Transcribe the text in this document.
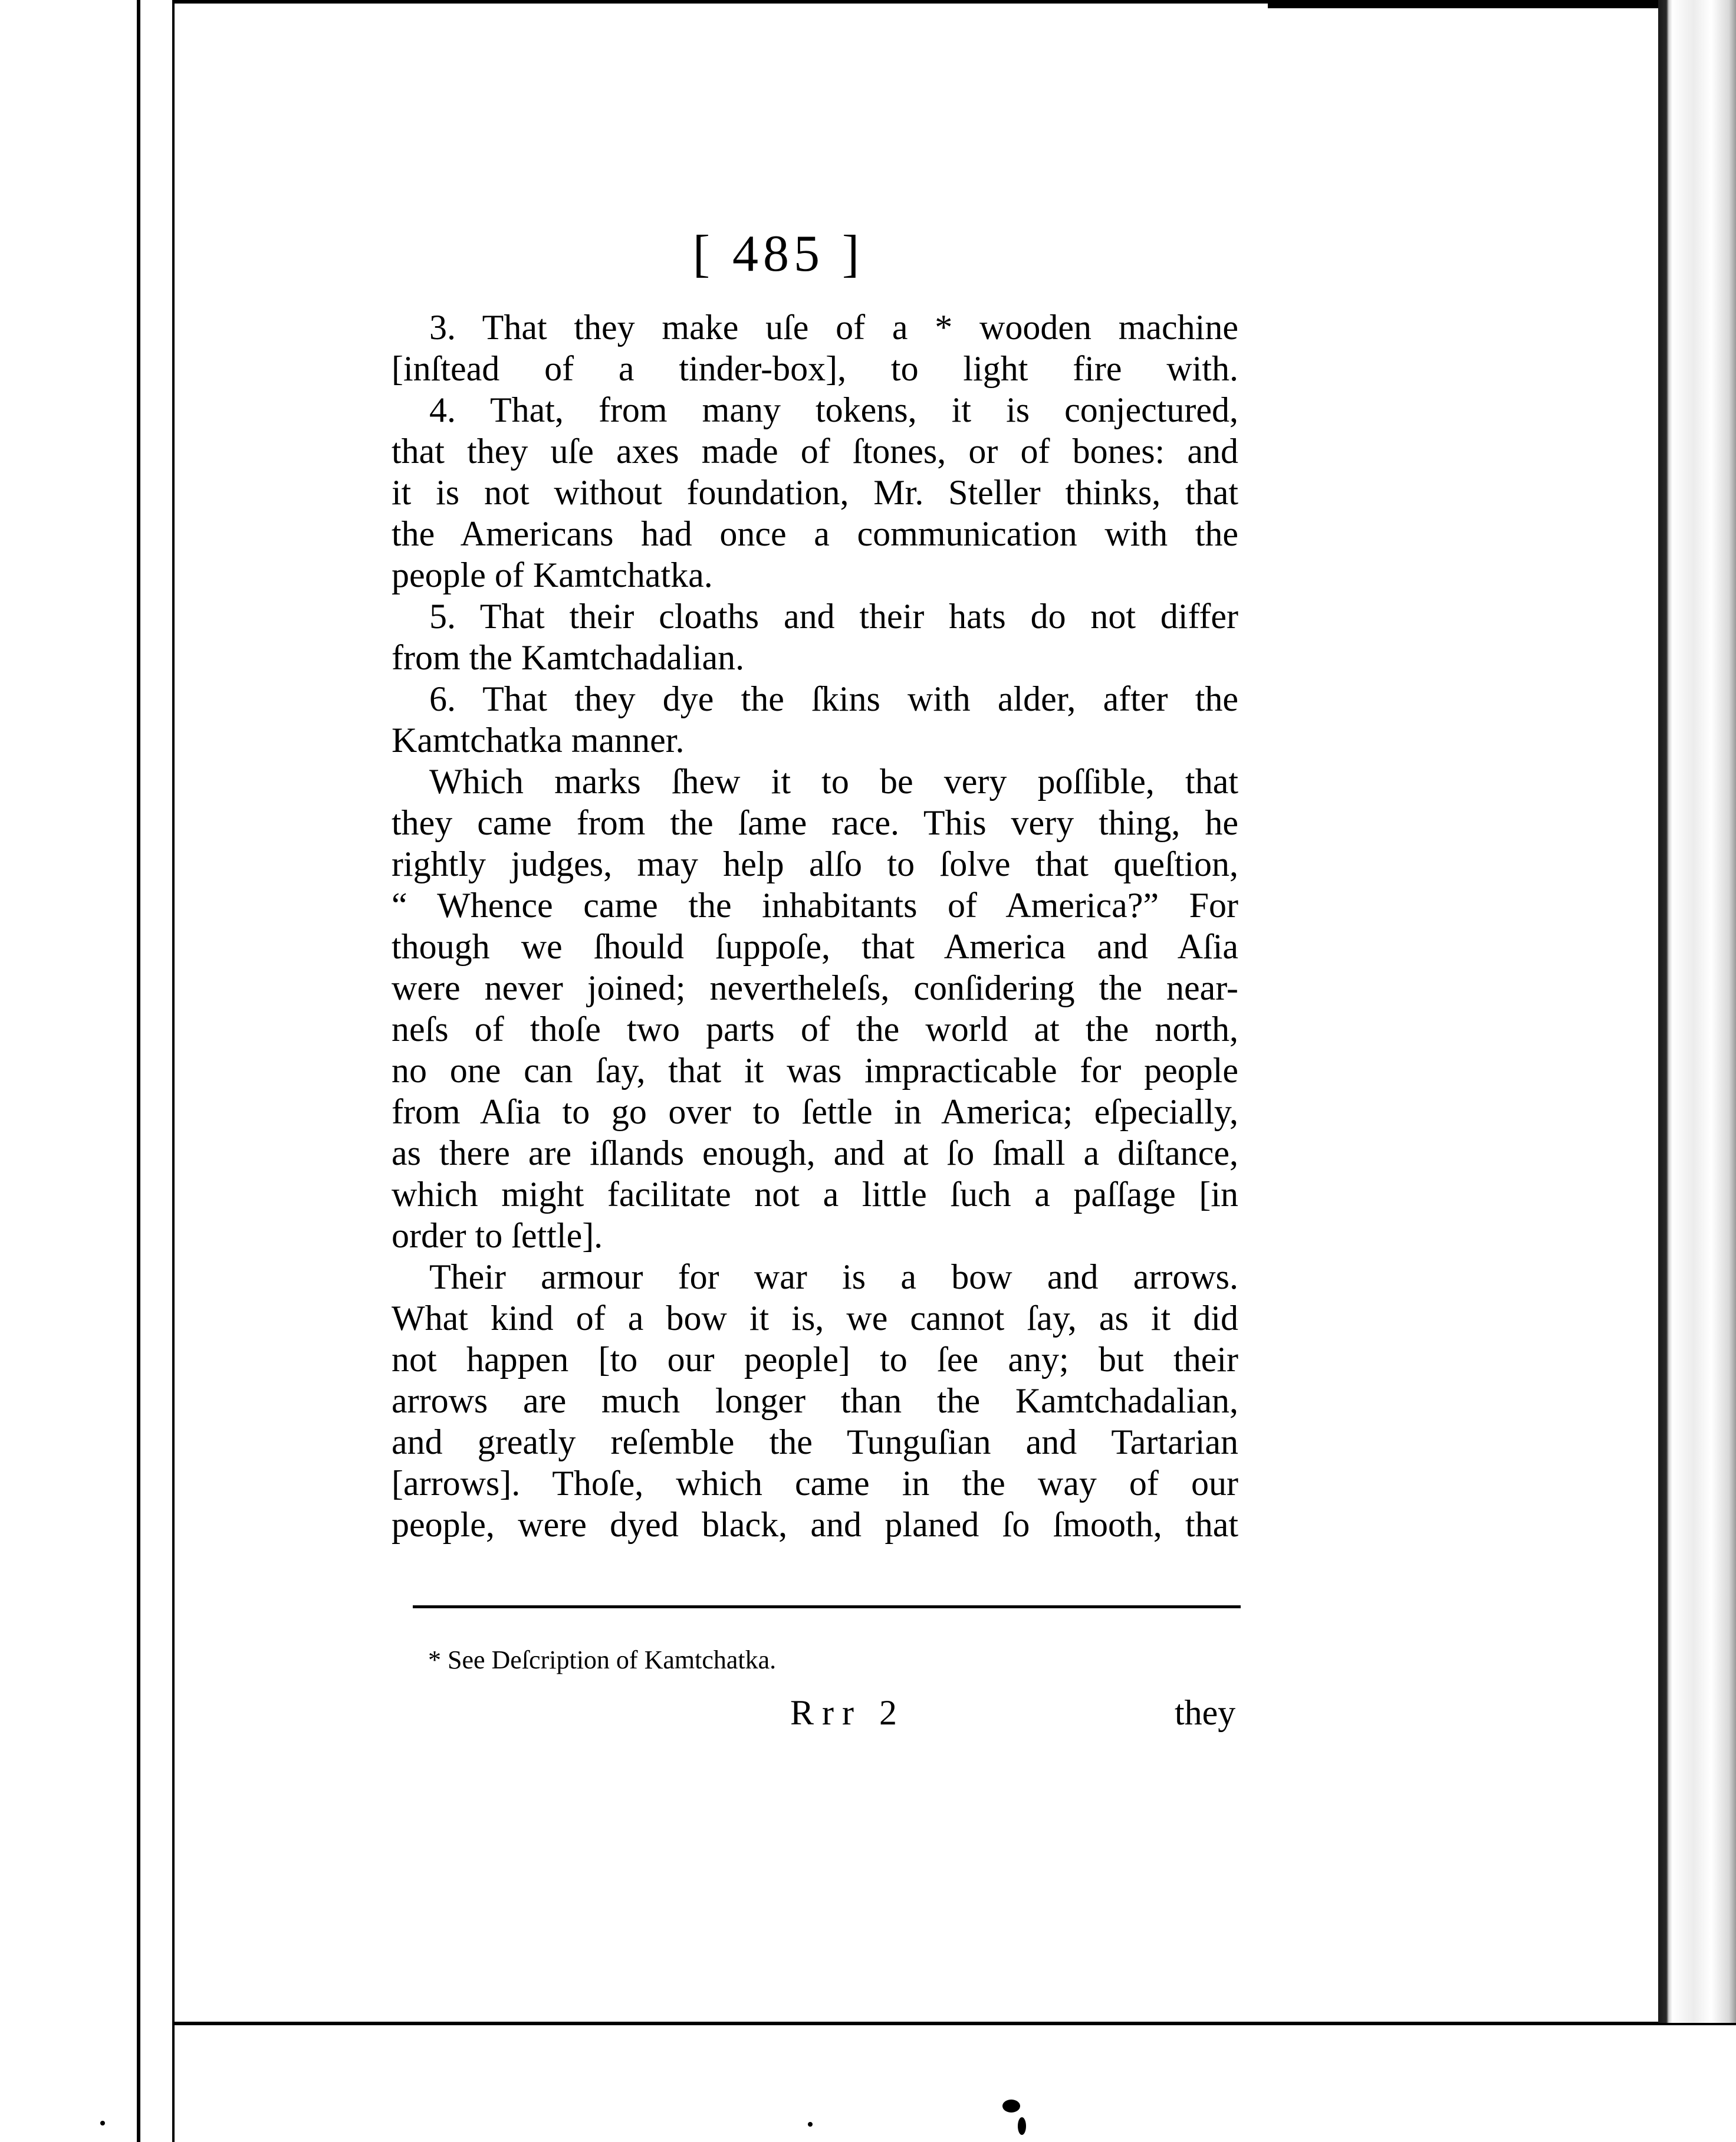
[ 485 ]
3. That they make uſe of a * wooden machine
[inſtead of a tinder-box], to light fire with.
4. That, from many tokens, it is conjectured,
that they uſe axes made of ſtones, or of bones: and
it is not without foundation, Mr. Steller thinks, that
the Americans had once a communication with the
people of Kamtchatka.
5. That their cloaths and their hats do not differ
from the Kamtchadalian.
6. That they dye the ſkins with alder, after the
Kamtchatka manner.
Which marks ſhew it to be very poſſible, that
they came from the ſame race. This very thing, he
rightly judges, may help alſo to ſolve that queſtion,
“ Whence came the inhabitants of America?” For
though we ſhould ſuppoſe, that America and Aſia
were never joined; nevertheleſs, conſidering the near-
neſs of thoſe two parts of the world at the north,
no one can ſay, that it was impracticable for people
from Aſia to go over to ſettle in America; eſpecially,
as there are iſlands enough, and at ſo ſmall a diſtance,
which might facilitate not a little ſuch a paſſage [in
order to ſettle].
Their armour for war is a bow and arrows.
What kind of a bow it is, we cannot ſay, as it did
not happen [to our people] to ſee any; but their
arrows are much longer than the Kamtchadalian,
and greatly reſemble the Tunguſian and Tartarian
[arrows]. Thoſe, which came in the way of our
people, were dyed black, and planed ſo ſmooth, that
* See Deſcription of Kamtchatka.
Rrr 2	they
